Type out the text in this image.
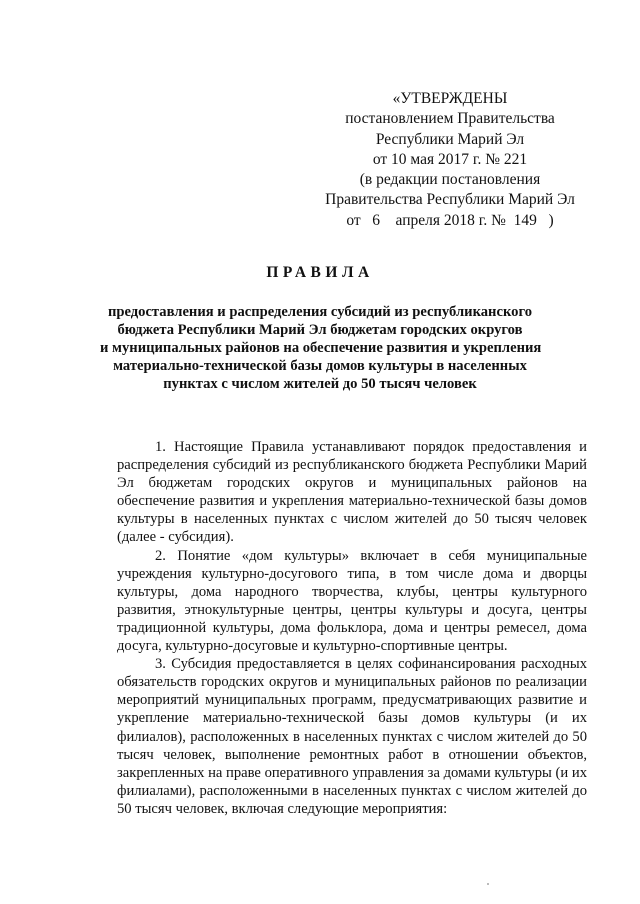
«УТВЕРЖДЕНЫ
постановлением Правительства
Республики Марий Эл
от 10 мая 2017 г. № 221
(в редакции постановления
Правительства Республики Марий Эл
от   6    апреля 2018 г. №  149   )
ПРАВИЛА
предоставления и распределения субсидий из республиканского
бюджета Республики Марий Эл бюджетам городских округов
и муниципальных районов на обеспечение развития и укрепления
материально-технической базы домов культуры в населенных
пунктах с числом жителей до 50 тысяч человек

1. Настоящие Правила устанавливают порядок предоставления и распределения субсидий из республиканского бюджета Республики Марий Эл бюджетам городских округов и муниципальных районов на обеспечение развития и укрепления материально-технической базы домов культуры в населенных пунктах с числом жителей до 50 тысяч человек (далее - субсидия).

2. Понятие «дом культуры» включает в себя муниципальные учреждения культурно-досугового типа, в том числе дома и дворцы культуры, дома народного творчества, клубы, центры культурного развития, этнокультурные центры, центры культуры и досуга, центры традиционной культуры, дома фольклора, дома и центры ремесел, дома досуга, культурно-досуговые и культурно-спортивные центры.

3. Субсидия предоставляется в целях софинансирования расходных обязательств городских округов и муниципальных районов по реализации мероприятий муниципальных программ, предусматривающих развитие и укрепление материально-технической базы домов культуры (и их филиалов), расположенных в населенных пунктах с числом жителей до 50 тысяч человек, выполнение ремонтных работ в отношении объектов, закрепленных на праве оперативного управления за домами культуры (и их филиалами), расположенными в населенных пунктах с числом жителей до 50 тысяч человек, включая следующие мероприятия:
